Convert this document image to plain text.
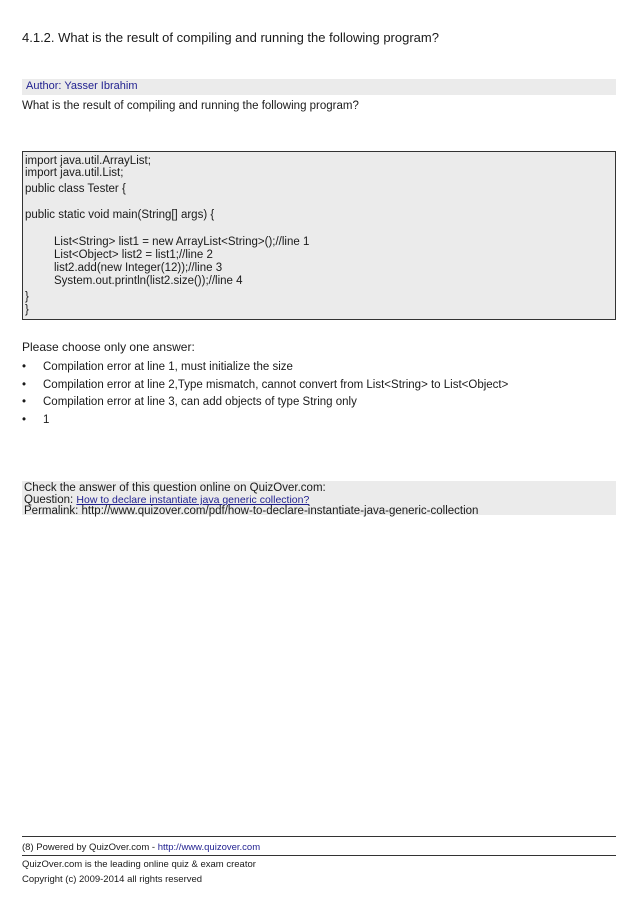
4.1.2. What is the result of compiling and running the following program?
Author: Yasser Ibrahim
What is the result of compiling and running the following program?
import java.util.ArrayList;
import java.util.List;
public class Tester {
public static void main(String[] args) {
List<String> list1 = new ArrayList<String>();//line 1
List<Object> list2 = list1;//line 2
list2.add(new Integer(12));//line 3
System.out.println(list2.size());//line 4
}
}
Please choose only one answer:
• Compilation error at line 1, must initialize the size
• Compilation error at line 2,Type mismatch, cannot convert from List<String> to List<Object>
• Compilation error at line 3, can add objects of type String only
• 1
Check the answer of this question online on QuizOver.com:
Question: How to declare instantiate java generic collection?
Permalink: http://www.quizover.com/pdf/how-to-declare-instantiate-java-generic-collection
(8) Powered by QuizOver.com - http://www.quizover.com
QuizOver.com is the leading online quiz & exam creator
Copyright (c) 2009-2014 all rights reserved
